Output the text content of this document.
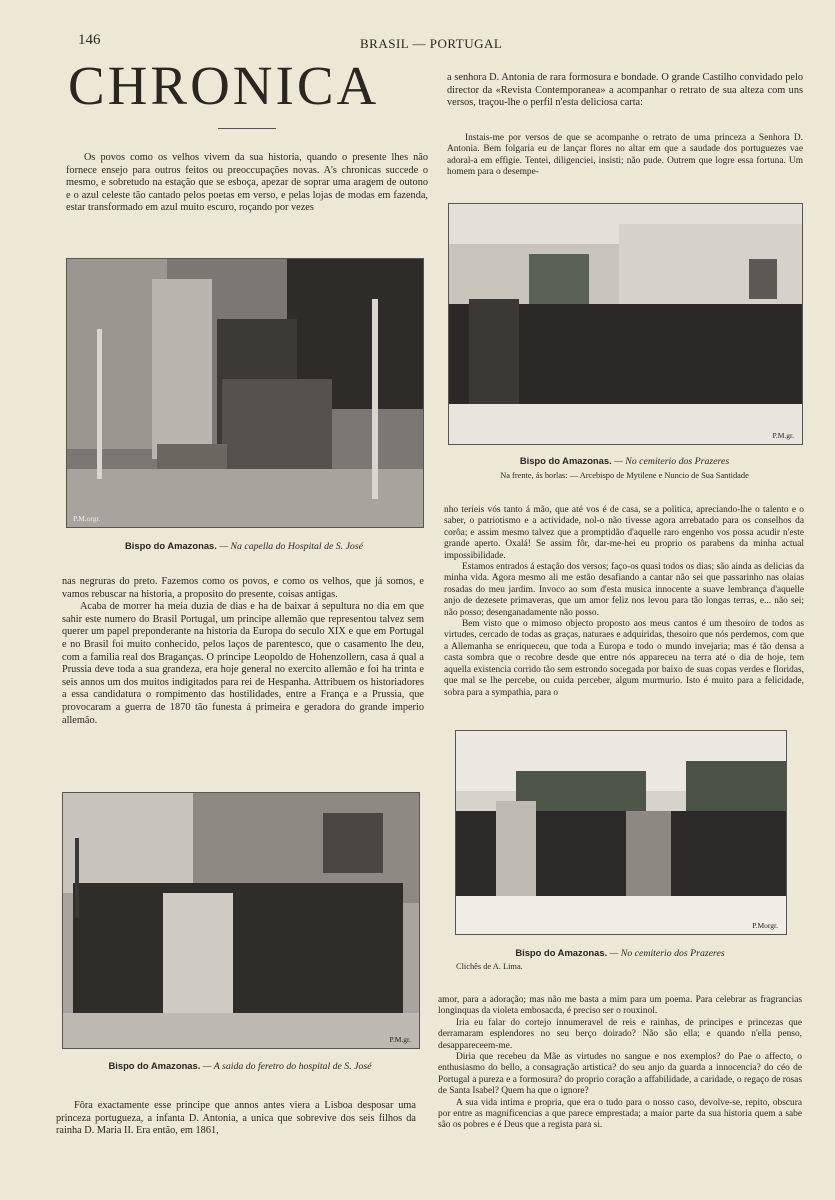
146	BRASIL — PORTUGAL
CHRONICA

Os povos como os velhos vivem da sua historia, quando o presente lhes não fornece ensejo para outros feitos ou preoccupações novas. A's chronicas succede o mesmo, e sobretudo na estação que se esboça, apezar de soprar uma aragem de outono e o azul celeste tão cantado pelos poetas em verso, e pelas lojas de modas em fazenda, estar transformado em azul muito escuro, roçando por vezes

P.M.orgr.
Bispo do Amazonas. — Na capella do Hospital de S. José

nas negruras do preto. Fazemos como os povos, e como os velhos, que já somos, e vamos rebuscar na historia, a proposito do presente, coisas antigas.

Acaba de morrer ha meia duzia de dias e ha de baixar á sepultura no dia em que sahir este numero do Brasil Portugal, um principe allemão que representou talvez sem querer um papel preponderante na historia da Europa do seculo XIX e que em Portugal e no Brasil foi muito conhecido, pelos laços de parentesco, que o casamento lhe deu, com a familia real dos Braganças. O principe Leopoldo de Hohenzollern, casa á qual a Prussia deve toda a sua grandeza, era hoje general no exercito allemão e foi ha trinta e seis annos um dos muitos indigitados para rei de Hespanha. Attribuem os historiadores a essa candidatura o rompimento das hostilidades, entre a França e a Prussia, que provocaram a guerra de 1870 tão funesta á primeira e geradora do grande imperio allemão.

P.M.gr.
Bispo do Amazonas. — A saida do feretro do hospital de S. José

Fôra exactamente esse principe que annos antes viera a Lisboa desposar uma princeza portugueza, a infanta D. Antonia, a unica que sobrevive dos seis filhos da rainha D. Maria II. Era então, em 1861,

a senhora D. Antonia de rara formosura e bondade. O grande Castilho convidado pelo director da «Revista Contemporanea» a acompanhar o retrato de sua alteza com uns versos, traçou-lhe o perfil n'esta deliciosa carta:

Instais-me por versos de que se acompanhe o retrato de uma princeza a Senhora D. Antonia. Bem folgaria eu de lançar flores no altar em que a saudade dos portuguezes vae adoral-a em effigie. Tentei, diligenciei, insisti; não pude. Outrem que logre essa fortuna. Um homem para o desempe-

P.M.gr.
Bispo do Amazonas. — No cemiterio dos Prazeres
Na frente, ás borlas: — Arcebispo de Mytilene e Nuncio de Sua Santidade

nho terieis vós tanto á mão, que até vos é de casa, se a politica, apreciando-lhe o talento e o saber, o patriotismo e a actividade, nol-o não tivesse agora arrebatado para os conselhos da corôa; e assim mesmo talvez que a promptidão d'aquelle raro engenho vos possa acudir n'este grande aperto. Oxalá! Se assim fôr, dar-me-hei eu proprio os parabens da minha actual impossibilidade.

Estamos entrados á estação dos versos; faço-os quasi todos os dias; são ainda as delicias da minha vida. Agora mesmo ali me estão desafiando a cantar não sei que passarinho nas olaias rosadas do meu jardim. Invoco ao som d'esta musica innocente a suave lembrança d'aquelle anjo de dezesete primaveras, que um amor feliz nos levou para tão longas terras, e... não sei; não posso; desenganadamente não posso.

Bem visto que o mimoso objecto proposto aos meus cantos é um thesoiro de todos as virtudes, cercado de todas as graças, naturaes e adquiridas, thesoiro que nós perdemos, com que a Allemanha se enriqueceu, que toda a Europa e todo o mundo invejaria; mas é tão densa a casta sombra que o recobre desde que entre nós appareceu na terra até o dia de hoje, tem aquella existencia corrido tão sem estrondo socegada por baixo de suas copas verdes e floridas, que mal se lhe percebe, ou cuida perceber, algum murmurio. Isto é muito para a felicidade, sobra para a sympathia, para o

P.Morgr.
Bispo do Amazonas. — No cemiterio dos Prazeres
Clichês de A. Lima.

amor, para a adoração; mas não me basta a mim para um poema. Para celebrar as fragrancias longinquas da violeta embosacda, é preciso ser o rouxinol.

Iria eu falar do cortejo innumeravel de reis e rainhas, de principes e princezas que derramaram esplendores no seu berço doirado? Não são ella; e quando n'ella penso, desappareceem-me.

Diria que recebeu da Mãe as virtudes no sangue e nos exemplos? do Pae o affecto, o enthusiasmo do bello, a consagração artistica? do seu anjo da guarda a innocencia? do céo de Portugal a pureza e a formosura? do proprio coração a affabilidade, a caridade, o regaço de rosas de Santa Isabel? Quem ha que o ignore?

A sua vida intima e propria, que era o tudo para o nosso caso, devolve-se, repito, obscura por entre as magnificencias a que parece emprestada; a maior parte da sua historia quem a sabe são os pobres e é Deus que a regista para si.
